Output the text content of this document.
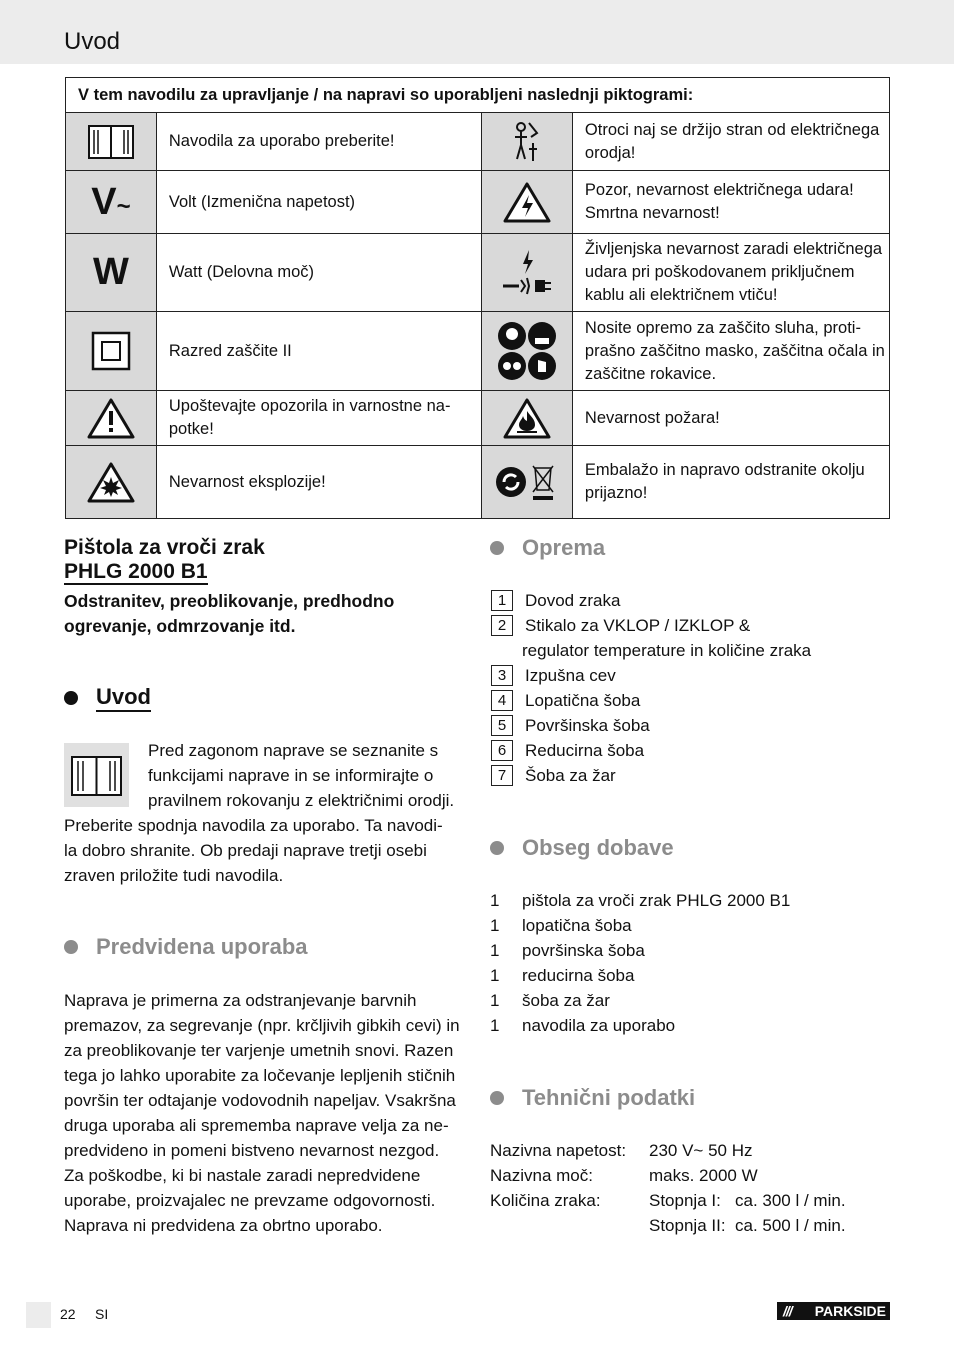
Uvod
V tem navodilu za upravljanje / na napravi so uporabljeni naslednji piktogrami:			

	Navodila za uporabo preberite!		Otroci naj se držijo stran od električnega orodja!
V~	Volt (Izmenična napetost)		Pozor, nevarnost električnega udara! Smrtna nevarnost!
W	Watt (Delovna moč)		Življenjska nevarnost zaradi električnega udara pri poškodovanem priključnem kablu ali električnem vtiču!

	Razred zaščite II		Nosite opremo za zaščito sluha, proti-prašno zaščitno masko, zaščitna očala in zaščitne rokavice.

	Upoštevajte opozorila in varnostne na-potke!		Nevarnost požara!

	Nevarnost eksplozije!		Embalažo in napravo odstranite okolju prijazno!
Pištola za vroči zrak
PHLG 2000 B1
Odstranitev, preoblikovanje, predhodno
ogrevanje, odmrzovanje itd.
Uvod
Pred zagonom naprave se seznanite s
funkcijami naprave in se informirajte o
pravilnem rokovanju z električnimi orodji.
Preberite spodnja navodila za uporabo. Ta navodi-
la dobro shranite. Ob predaji naprave tretji osebi
zraven priložite tudi navodila.
Predvidena uporaba
Naprava je primerna za odstranjevanje barvnih
premazov, za segrevanje (npr. krčljivih gibkih cevi) in
za preoblikovanje ter varjenje umetnih snovi. Razen
tega jo lahko uporabite za ločevanje lepljenih stičnih
površin ter odtajanje vodovodnih napeljav. Vsakršna
druga uporaba ali sprememba naprave velja za ne-
predvideno in pomeni bistveno nevarnost nezgod.
Za poškodbe, ki bi nastale zaradi nepredvidene
uporabe, proizvajalec ne prevzame odgovornosti.
Naprava ni predvidena za obrtno uporabo.
Oprema
1	Dovod zraka
2	Stikalo za VKLOP / IZKLOP &
regulator temperature in količine zraka
3	Izpušna cev
4	Lopatična šoba
5	Površinska šoba
6	Reducirna šoba
7	Šoba za žar
Obseg dobave
1	pištola za vroči zrak PHLG 2000 B1
1	lopatična šoba
1	površinska šoba
1	reducirna šoba
1	šoba za žar
1	navodila za uporabo
Tehnični podatki
Nazivna napetost:	230 V~ 50 Hz
Nazivna moč:	maks. 2000 W
Količina zraka:	Stopnja I:   ca. 300 l / min.
Stopnja II:  ca. 500 l / min.
22 SI	/// PARKSIDE
